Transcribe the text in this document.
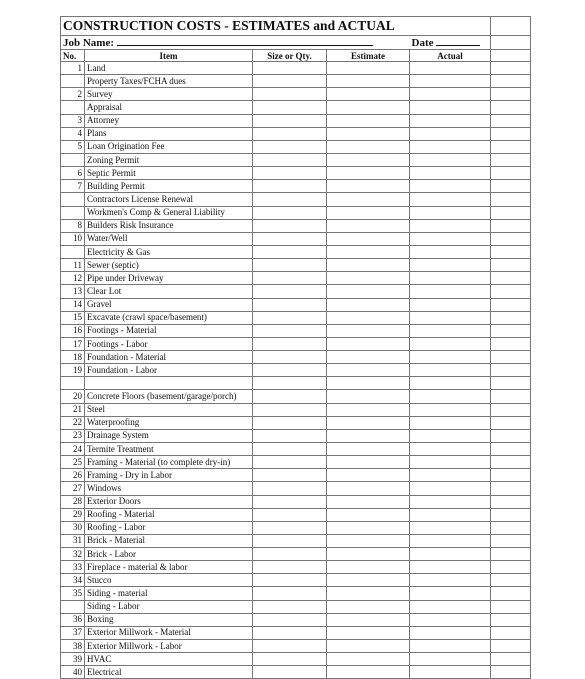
CONSTRUCTION COSTS - ESTIMATES and ACTUAL					
Job Name:				Date	
No.	Item	Size or Qty.	Estimate	Actual	
1	Land				
	Property Taxes/FCHA dues				
2	Survey				
	Appraisal				
3	Attorney				
4	Plans				
5	Loan Origination Fee				
	Zoning Permit				
6	Septic Permit				
7	Building Permit				
	Contractors License Renewal				
	Workmen's Comp & General Liability				
8	Builders Risk Insurance				
10	Water/Well				
	Electricity & Gas				
11	Sewer (septic)				
12	Pipe under Driveway				
13	Clear Lot				
14	Gravel				
15	Excavate (crawl space/basement)				
16	Footings - Material				
17	Footings - Labor				
18	Foundation - Material				
19	Foundation - Labor				

20	Concrete Floors (basement/garage/porch)				
21	Steel				
22	Waterproofing				
23	Drainage System				
24	Termite Treatment				
25	Framing - Material (to complete dry-in)				
26	Framing - Dry in Labor				
27	Windows				
28	Exterior Doors				
29	Roofing - Material				
30	Roofing - Labor				
31	Brick - Material				
32	Brick - Labor				
33	Fireplace - material & labor				
34	Stucco				
35	Siding - material				
	Siding - Labor				
36	Boxing				
37	Exterior Millwork - Material				
38	Exterior Millwork - Labor				
39	HVAC				
40	Electrical				
